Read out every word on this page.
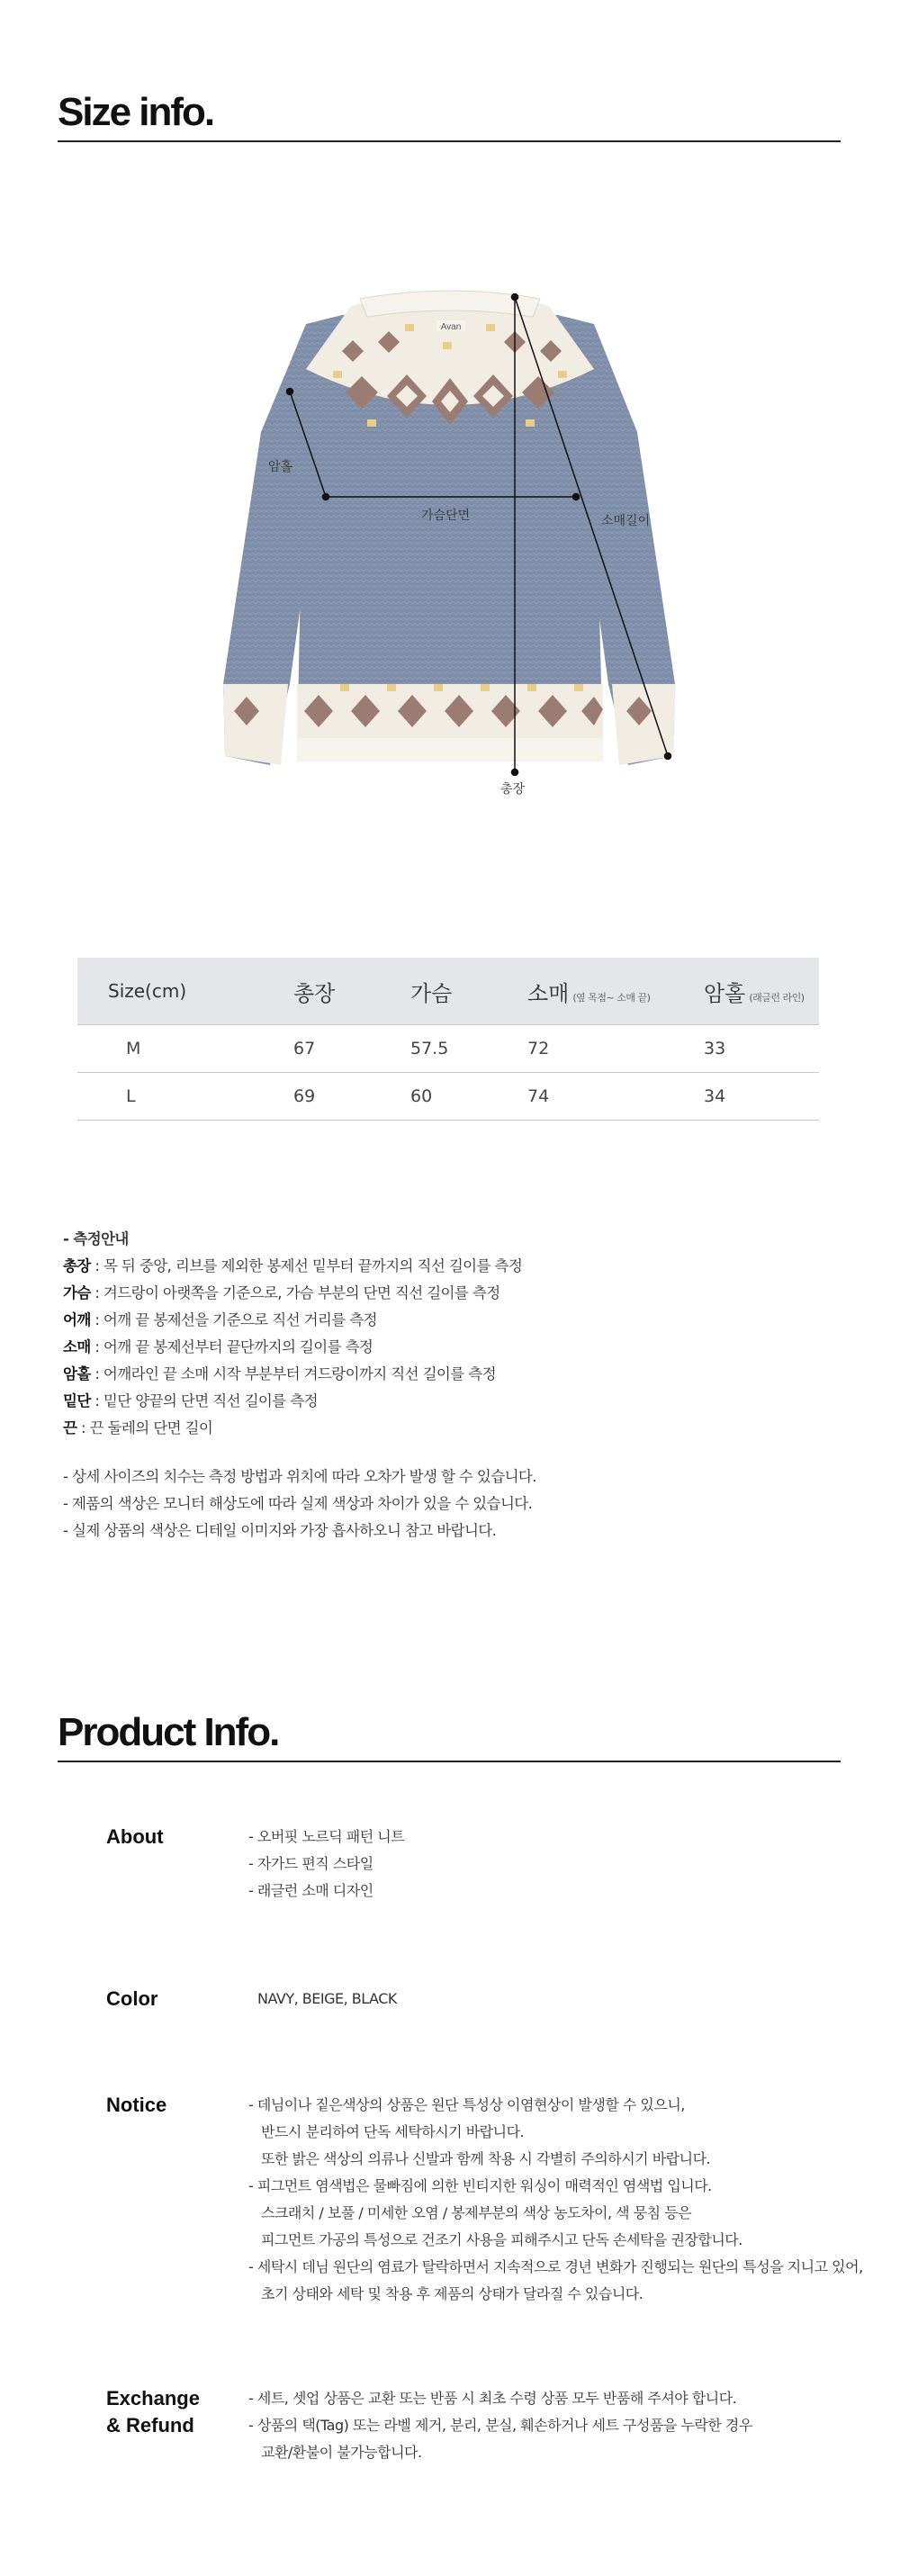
Size info.
Avan
암홀
가슴단면	소매길이
총장
Size(cm)	총장	가슴	소매 (옆 목점~ 소매 끝)	암홀 (래글런 라인)
M	67	57.5	72	33
L	69	60	74	34
- 측정안내
총장 : 목 뒤 중앙, 리브를 제외한 봉제선 밑부터 끝까지의 직선 길이를 측정
가슴 : 겨드랑이 아랫쪽을 기준으로, 가슴 부분의 단면 직선 길이를 측정
어깨 : 어깨 끝 봉제선을 기준으로 직선 거리를 측정
소매 : 어깨 끝 봉제선부터 끝단까지의 길이를 측정
암홀 : 어깨라인 끝 소매 시작 부분부터 겨드랑이까지 직선 길이를 측정
밑단 : 밑단 양끝의 단면 직선 길이를 측정
끈 : 끈 둘레의 단면 길이
- 상세 사이즈의 치수는 측정 방법과 위치에 따라 오차가 발생 할 수 있습니다.
- 제품의 색상은 모니터 해상도에 따라 실제 색상과 차이가 있을 수 있습니다.
- 실제 상품의 색상은 디테일 이미지와 가장 흡사하오니 참고 바랍니다.
Product Info.
About	- 오버핏 노르딕 패턴 니트
- 자가드 편직 스타일
- 래글런 소매 디자인
Color	NAVY, BEIGE, BLACK
Notice	- 데님이나 짙은색상의 상품은 원단 특성상 이염현상이 발생할 수 있으니,
반드시 분리하여 단독 세탁하시기 바랍니다.
또한 밝은 색상의 의류나 신발과 함께 착용 시 각별히 주의하시기 바랍니다.
- 피그먼트 염색법은 물빠짐에 의한 빈티지한 워싱이 매력적인 염색법 입니다.
스크래치 / 보풀 / 미세한 오염 / 봉제부분의 색상 농도차이, 색 뭉침 등은
피그먼트 가공의 특성으로 건조기 사용을 피해주시고 단독 손세탁을 권장합니다.
- 세탁시 데님 원단의 염료가 탈락하면서 지속적으로 경년 변화가 진행되는 원단의 특성을 지니고 있어,
초기 상태와 세탁 및 착용 후 제품의 상태가 달라질 수 있습니다.
Exchange
& Refund
- 세트, 셋업 상품은 교환 또는 반품 시 최초 수령 상품 모두 반품해 주셔야 합니다.
- 상품의 택(Tag) 또는 라벨 제거, 분리, 분실, 훼손하거나 세트 구성품을 누락한 경우
교환/환불이 불가능합니다.
